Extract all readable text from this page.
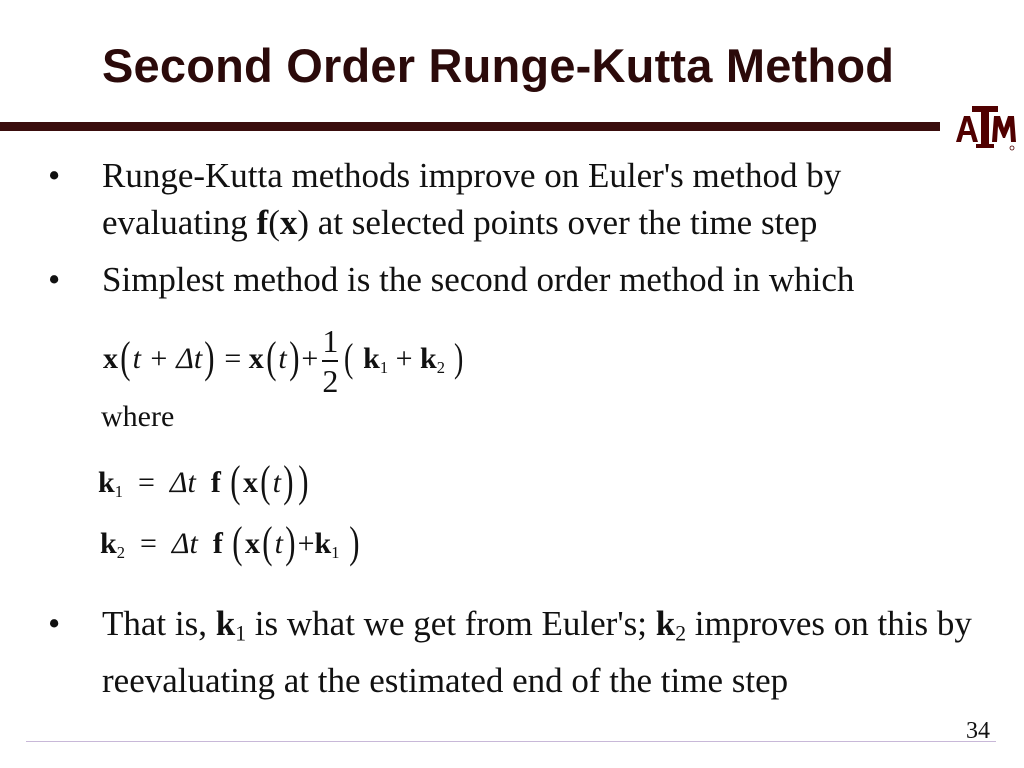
Second Order Runge-Kutta Method
•	Runge-Kutta methods improve on Euler's method by evaluating f(x) at selected points over the time step
•	Simplest method is the second order method in which
$x(t + \Delta t) = x(t)+ \frac{1}{2}$ ( k1 + k2 )
where
k1 = Δt f (x(t))
k2 = Δt f (x(t)+k1 )
•	That is, $k_1$ is what we get from Euler's; $k_2$ improves on this by reevaluating at the estimated end of the time step
34
